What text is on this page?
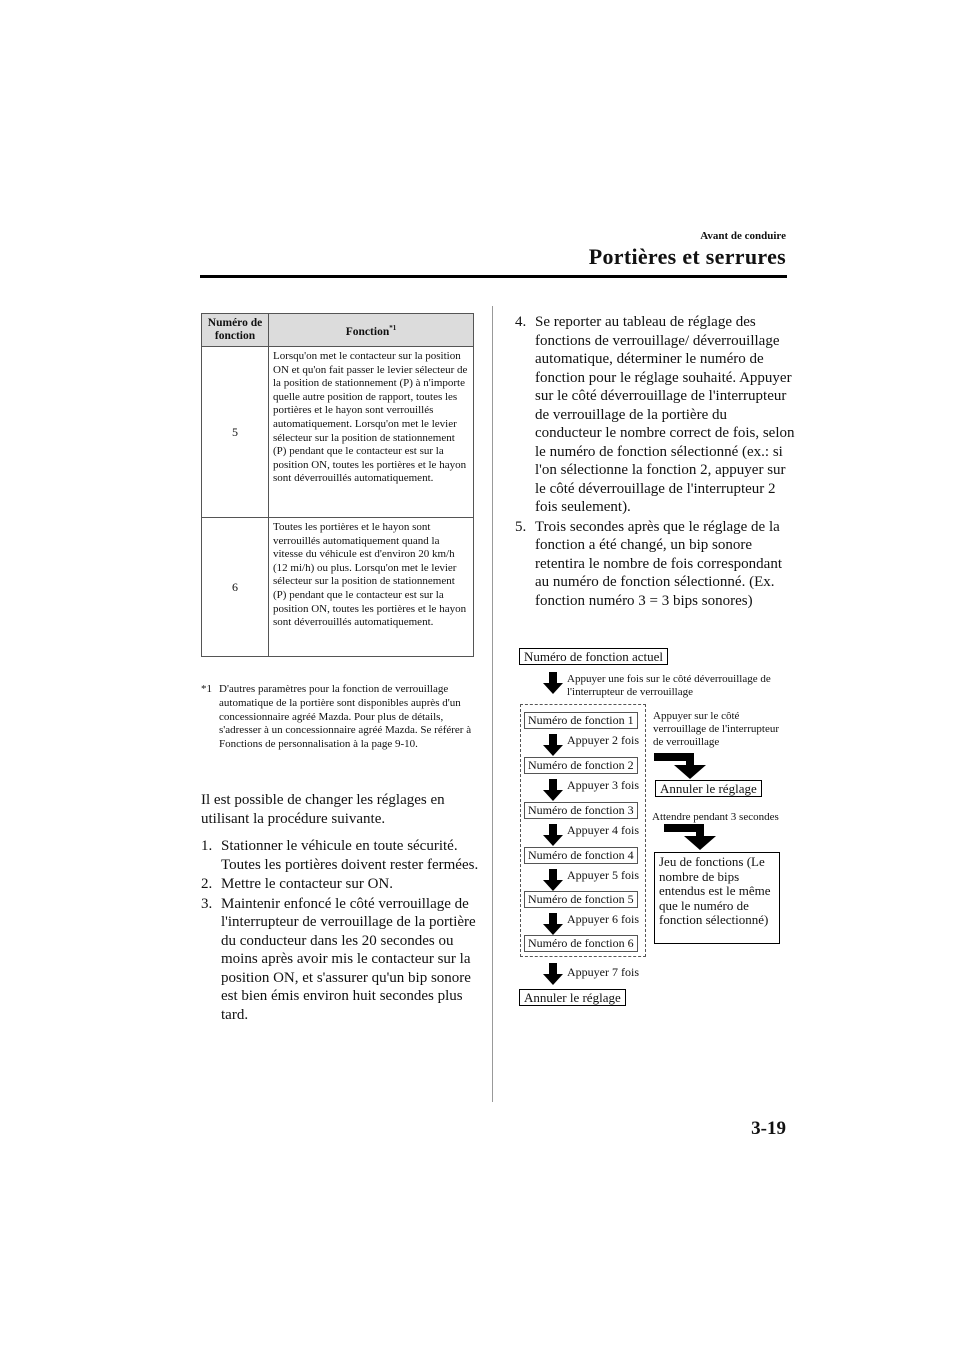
Avant de conduire
Portières et serrures
Numéro de fonction	Fonction$^{*1}$
5	Lorsqu'on met le contacteur sur la position ON et qu'on fait passer le levier sélecteur de la position de stationnement (P) à n'importe quelle autre position de rapport, toutes les portières et le hayon sont verrouillés automatiquement. Lorsqu'on met le levier sélecteur sur la position de stationnement (P) pendant que le contacteur est sur la position ON, toutes les portières et le hayon sont déverrouillés automatiquement.
6	Toutes les portières et le hayon sont verrouillés automatiquement quand la vitesse du véhicule est d'environ 20 km/h (12 mi/h) ou plus. Lorsqu'on met le levier sélecteur sur la position de stationnement (P) pendant que le contacteur est sur la position ON, toutes les portières et le hayon sont déverrouillés automatiquement.
*1 D'autres paramètres pour la fonction de verrouillage automatique de la portière sont disponibles auprès d'un concessionnaire agréé Mazda. Pour plus de détails, s'adresser à un concessionnaire agréé Mazda. Se référer à Fonctions de personnalisation à la page 9-10.
Il est possible de changer les réglages en utilisant la procédure suivante.
1. Stationner le véhicule en toute sécurité. Toutes les portières doivent rester fermées.
2. Mettre le contacteur sur ON.
3. Maintenir enfoncé le côté verrouillage de l'interrupteur de verrouillage de la portière du conducteur dans les 20 secondes ou moins après avoir mis le contacteur sur la position ON, et s'assurer qu'un bip sonore est bien émis environ huit secondes plus tard.
4. Se reporter au tableau de réglage des fonctions de verrouillage/ déverrouillage automatique, déterminer le numéro de fonction pour le réglage souhaité. Appuyer sur le côté déverrouillage de l'interrupteur de verrouillage de la portière du conducteur le nombre correct de fois, selon le numéro de fonction sélectionné (ex.: si l'on sélectionne la fonction 2, appuyer sur le côté déverrouillage de l'interrupteur 2 fois seulement).
5. Trois secondes après que le réglage de la fonction a été changé, un bip sonore retentira le nombre de fois correspondant au numéro de fonction sélectionné. (Ex. fonction numéro 3 = 3 bips sonores)
Numéro de fonction actuel
Appuyer une fois sur le côté déverrouillage de l'interrupteur de verrouillage
Numéro de fonction 1
Appuyer 2 fois
Numéro de fonction 2
Appuyer 3 fois
Numéro de fonction 3
Appuyer 4 fois
Numéro de fonction 4
Appuyer 5 fois
Numéro de fonction 5
Appuyer 6 fois
Numéro de fonction 6
Appuyer 7 fois
Annuler le réglage
Appuyer sur le côté verrouillage de l'interrupteur de verrouillage
Annuler le réglage
Attendre pendant 3 secondes
Jeu de fonctions (Le nombre de bips entendus est le même que le numéro de fonction sélectionné)
3-19
